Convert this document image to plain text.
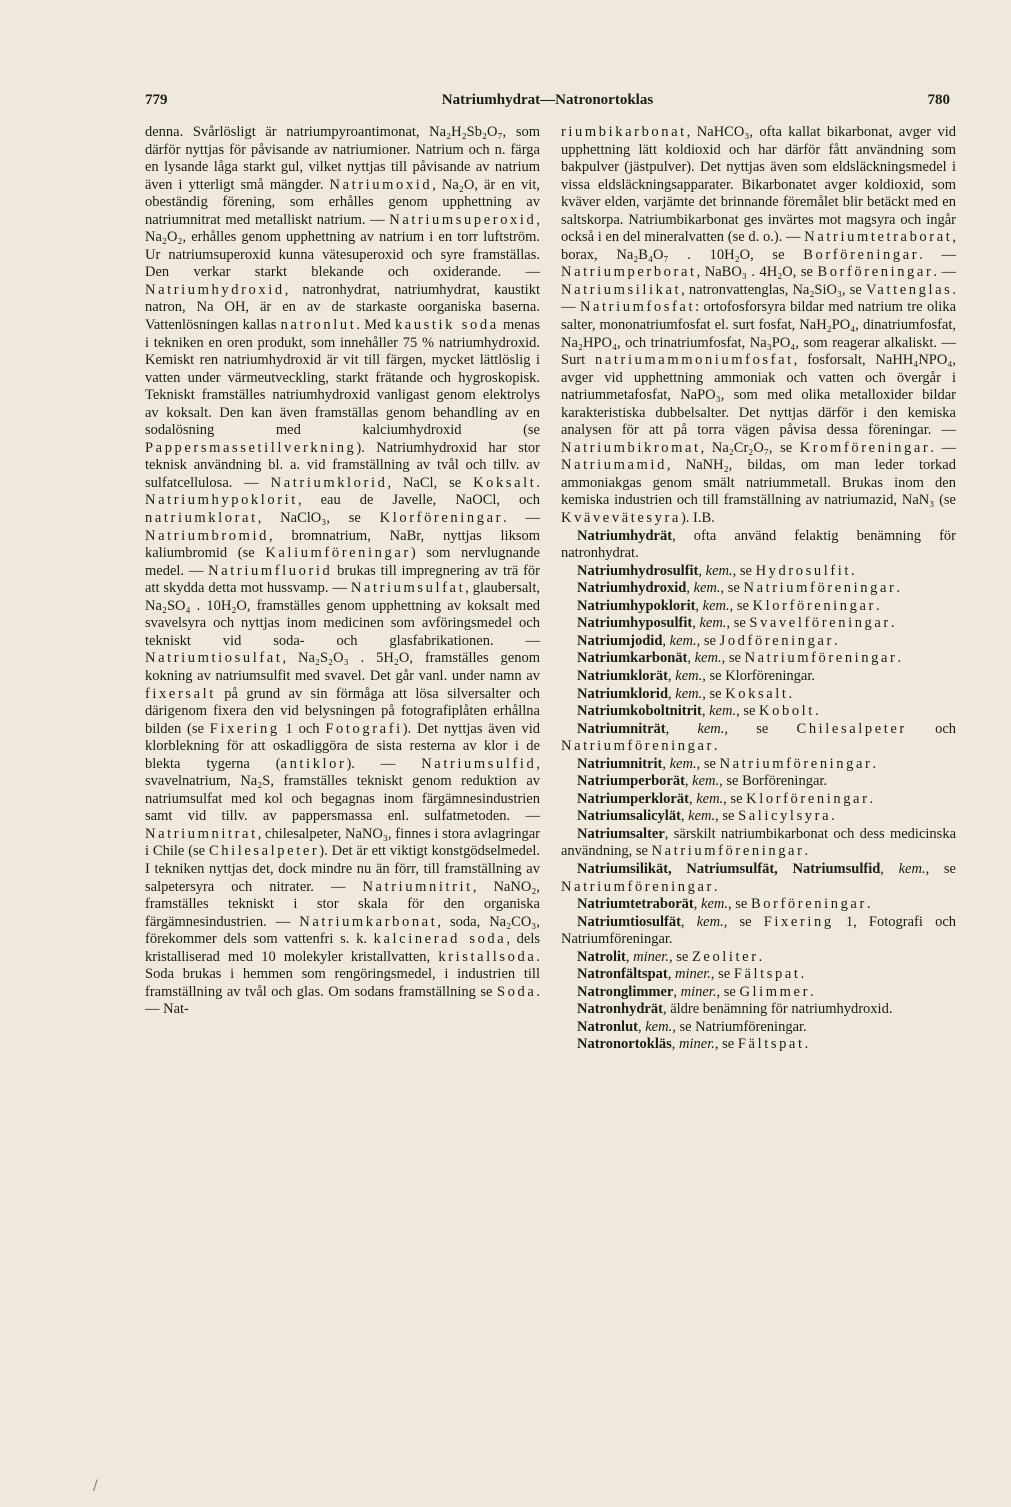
779	Natriumhydrat—Natronortoklas	780

denna. Svårlösligt är natriumpyroantimonat, Na₂H₂Sb₂O₇, som därför nyttjas för påvisande av natriumioner. Natrium och n. färga en lysande låga starkt gul, vilket nyttjas till påvisande av natrium även i ytterligt små mängder. Natriumoxid, Na₂O, är en vit, obeständig förening, som erhålles genom upphettning av natriumnitrat med metalliskt natrium. — Natriumsuperoxid, Na₂O₂, erhålles genom upphettning av natrium i en torr luftström. Ur natriumsuperoxid kunna vätesuperoxid och syre framställas. Den verkar starkt blekande och oxiderande. — Natriumhydroxid, natronhydrat, natriumhydrat, kaustikt natron, Na OH, är en av de starkaste oorganiska baserna. Vattenlösningen kallas natronlut. Med kaustik soda menas i tekniken en oren produkt, som innehåller 75 % natriumhydroxid. Kemiskt ren natriumhydroxid är vit till färgen, mycket lättlöslig i vatten under värmeutveckling, starkt frätande och hygroskopisk. Tekniskt framställes natriumhydroxid vanligast genom elektrolys av koksalt. Den kan även framställas genom behandling av en sodalösning med kalciumhydroxid (se Pappersmassetillverkning). Natriumhydroxid har stor teknisk användning bl. a. vid framställning av tvål och tillv. av sulfatcellulosa. — Natriumklorid, NaCl, se Koksalt. Natriumhypoklorit, eau de Javelle, NaOCl, och natriumklorat, NaClO₃, se Klorföreningar. — Natriumbromid, bromnatrium, NaBr, nyttjas liksom kaliumbromid (se Kaliumföreningar) som nervlugnande medel. — Natriumfluorid brukas till impregnering av trä för att skydda detta mot hussvamp. — Natriumsulfat, glaubersalt, Na₂SO₄ . 10H₂O, framställes genom upphettning av koksalt med svavelsyra och nyttjas inom medicinen som avföringsmedel och tekniskt vid soda- och glasfabrikationen. — Natriumtiosulfat, Na₂S₂O₃ . 5H₂O, framställes genom kokning av natriumsulfit med svavel. Det går vanl. under namn av fixersalt på grund av sin förmåga att lösa silversalter och därigenom fixera den vid belysningen på fotografiplåten erhållna bilden (se Fixering 1 och Fotografi). Det nyttjas även vid klorblekning för att oskadliggöra de sista resterna av klor i de blekta tygerna (antiklor). — Natriumsulfid, svavelnatrium, Na₂S, framställes tekniskt genom reduktion av natriumsulfat med kol och begagnas inom färgämnesindustrien samt vid tillv. av pappersmassa enl. sulfatmetoden. — Natriumnitrat, chilesalpeter, NaNO₃, finnes i stora avlagringar i Chile (se Chilesalpeter). Det är ett viktigt konstgödselmedel. I tekniken nyttjas det, dock mindre nu än förr, till framställning av salpetersyra och nitrater. — Natriumnitrit, NaNO₂, framställes tekniskt i stor skala för den organiska färgämnesindustrien. — Natriumkarbonat, soda, Na₂CO₃, förekommer dels som vattenfri s. k. kalcinerad soda, dels kristalliserad med 10 molekyler kristallvatten, kristallsoda. Soda brukas i hemmen som rengöringsmedel, i industrien till framställning av tvål och glas. Om sodans framställning se Soda. — Nat-

riumbikarbonat, NaHCO₃, ofta kallat bikarbonat, avger vid upphettning lätt koldioxid och har därför fått användning som bakpulver (jästpulver). Det nyttjas även som eldsläckningsmedel i vissa eldsläckningsapparater. Bikarbonatet avger koldioxid, som kväver elden, varjämte det brinnande föremålet blir betäckt med en saltskorpa. Natriumbikarbonat ges invärtes mot magsyra och ingår också i en del mineralvatten (se d. o.). — Natriumtetraborat, borax, Na₂B₄O₇ . 10H₂O, se Borföreningar. — Natriumperborat, NaBO₃ . 4H₂O, se Borföreningar. — Natriumsilikat, natronvattenglas, Na₂SiO₃, se Vattenglas. — Natriumfosfat: ortofosforsyra bildar med natrium tre olika salter, mononatriumfosfat el. surt fosfat, NaH₂PO₄, dinatriumfosfat, Na₂HPO₄, och trinatriumfosfat, Na₃PO₄, som reagerar alkaliskt. — Surt natriumammoniumfosfat, fosforsalt, NaHH₄NPO₄, avger vid upphettning ammoniak och vatten och övergår i natriummetafosfat, NaPO₃, som med olika metalloxider bildar karakteristiska dubbelsalter. Det nyttjas därför i den kemiska analysen för att på torra vägen påvisa dessa föreningar. — Natriumbikromat, Na₂Cr₂O₇, se Kromföreningar. — Natriumamid, NaNH₂, bildas, om man leder torkad ammoniakgas genom smält natriummetall. Brukas inom den kemiska industrien och till framställning av natriumazid, NaN₃ (se Kvävevätesyra). I.B.

Natriumhydrät, ofta använd felaktig benämning för natronhydrat.

Natriumhydrosulfit, kem., se Hydrosulfit.

Natriumhydroxid, kem., se Natriumföreningar.

Natriumhypoklorit, kem., se Klorföreningar.

Natriumhyposulfit, kem., se Svavelföreningar.

Natriumjodid, kem., se Jodföreningar.

Natriumkarbonät, kem., se Natriumföreningar.

Natriumklorät, kem., se Klorföreningar.

Natriumklorid, kem., se Koksalt.

Natriumkoboltnitrit, kem., se Kobolt.

Natriumniträt, kem., se Chilesalpeter och Natriumföreningar.

Natriumnitrit, kem., se Natriumföreningar.

Natriumperborät, kem., se Borföreningar.

Natriumperklorät, kem., se Klorföreningar.

Natriumsalicylät, kem., se Salicylsyra.

Natriumsalter, särskilt natriumbikarbonat och dess medicinska användning, se Natriumföreningar.

Natriumsilikät, Natriumsulfät, Natriumsulfid, kem., se Natriumföreningar.

Natriumtetraborät, kem., se Borföreningar.

Natriumtiosulfät, kem., se Fixering 1, Fotografi och Natriumföreningar.

Natrolit, miner., se Zeoliter.

Natronfältspat, miner., se Fältspat.

Natronglimmer, miner., se Glimmer.

Natronhydrät, äldre benämning för natriumhydroxid.

Natronlut, kem., se Natriumföreningar.

Natronortokläs, miner., se Fältspat.

/
